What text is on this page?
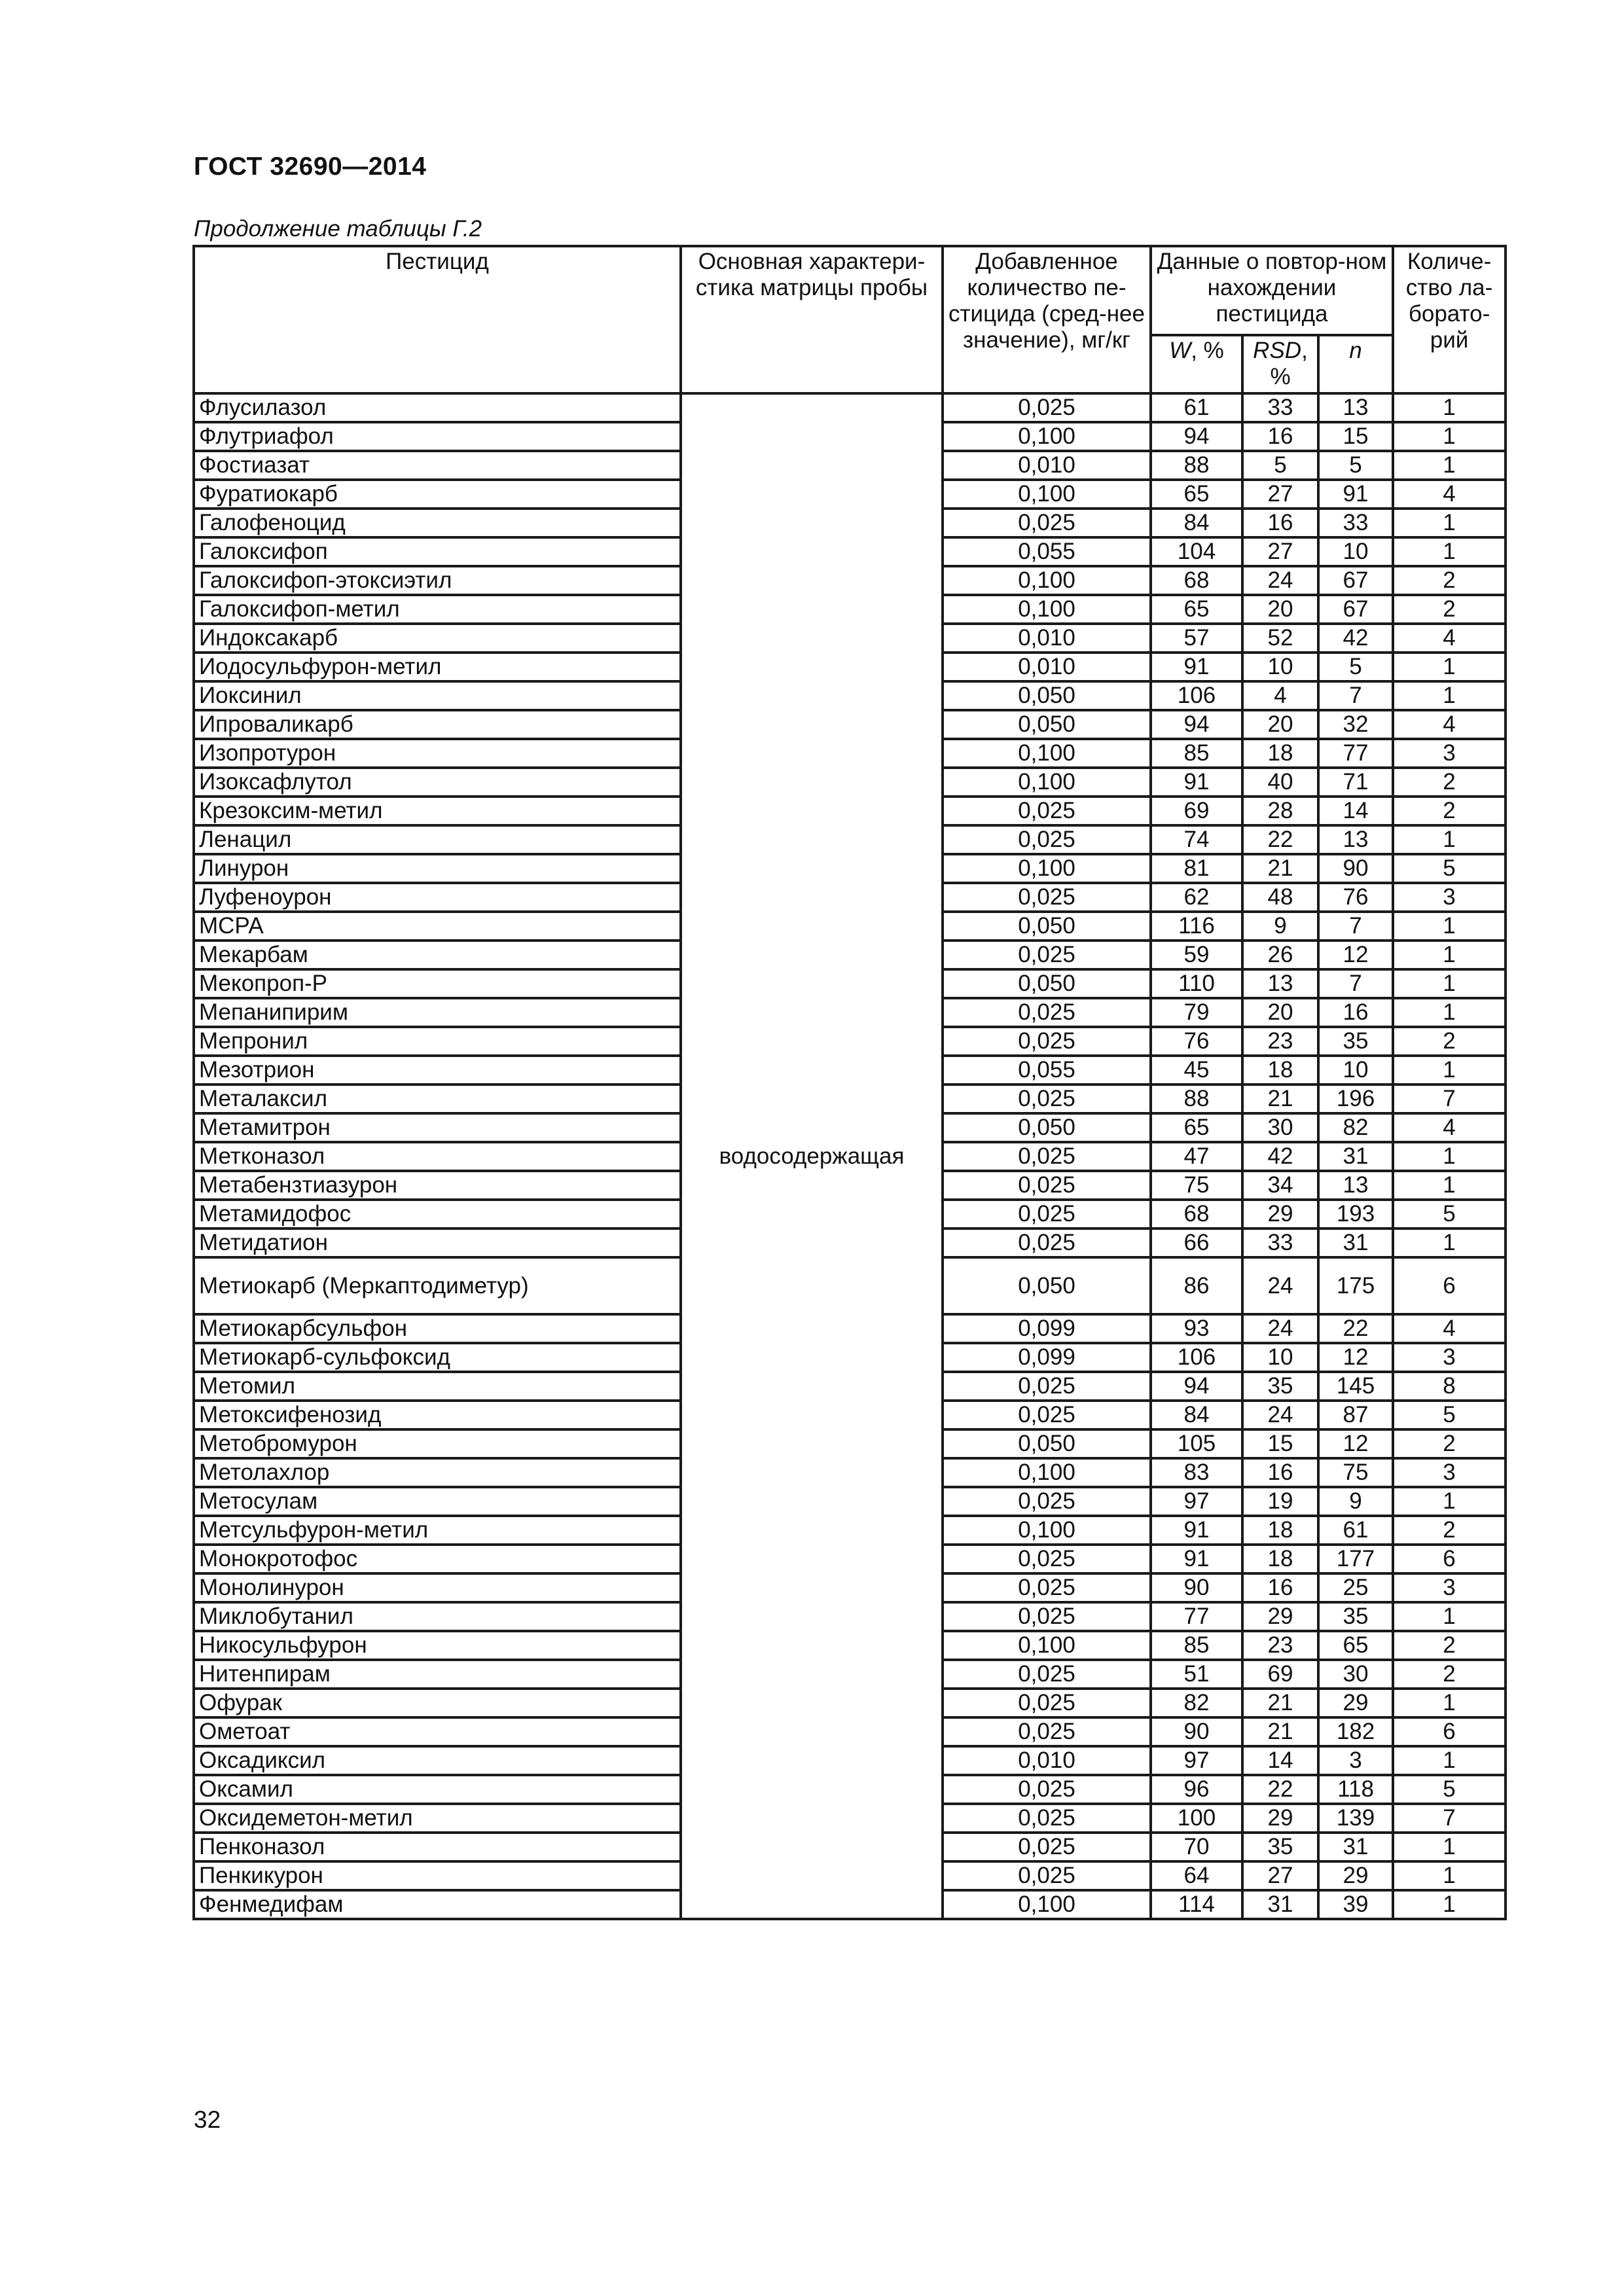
ГОСТ 32690—2014
Продолжение таблицы Г.2
Пестицид	Основная характери-стика матрицы пробы	Добавленное количество пе-стицида (сред-нее значение), мг/кг	Данные о повтор-ном нахождении пестицида			Количе-ство ла-борато-рий
			W, %	RSD, %	n	
Флусилазол	водосодержащая	0,025	61	33	13	1
Флутриафол		0,100	94	16	15	1
Фостиазат		0,010	88	5	5	1
Фуратиокарб		0,100	65	27	91	4
Галофеноцид		0,025	84	16	33	1
Галоксифоп		0,055	104	27	10	1
Галоксифоп-этоксиэтил		0,100	68	24	67	2
Галоксифоп-метил		0,100	65	20	67	2
Индоксакарб		0,010	57	52	42	4
Иодосульфурон-метил		0,010	91	10	5	1
Иоксинил		0,050	106	4	7	1
Ипроваликарб		0,050	94	20	32	4
Изопротурон		0,100	85	18	77	3
Изоксафлутол		0,100	91	40	71	2
Крезоксим-метил		0,025	69	28	14	2
Ленацил		0,025	74	22	13	1
Линурон		0,100	81	21	90	5
Луфеноурон		0,025	62	48	76	3
МСРА		0,050	116	9	7	1
Мекарбам		0,025	59	26	12	1
Мекопроп-Р		0,050	110	13	7	1
Мепанипирим		0,025	79	20	16	1
Мепронил		0,025	76	23	35	2
Мезотрион		0,055	45	18	10	1
Металаксил		0,025	88	21	196	7
Метамитрон		0,050	65	30	82	4
Метконазол		0,025	47	42	31	1
Метабензтиазурон		0,025	75	34	13	1
Метамидофос		0,025	68	29	193	5
Метидатион		0,025	66	33	31	1
Метиокарб (Меркаптодиметур)		0,050	86	24	175	6
Метиокарбсульфон		0,099	93	24	22	4
Метиокарб-сульфоксид		0,099	106	10	12	3
Метомил		0,025	94	35	145	8
Метоксифенозид		0,025	84	24	87	5
Метобромурон		0,050	105	15	12	2
Метолахлор		0,100	83	16	75	3
Метосулам		0,025	97	19	9	1
Метсульфурон-метил		0,100	91	18	61	2
Монокротофос		0,025	91	18	177	6
Монолинурон		0,025	90	16	25	3
Миклобутанил		0,025	77	29	35	1
Никосульфурон		0,100	85	23	65	2
Нитенпирам		0,025	51	69	30	2
Офурак		0,025	82	21	29	1
Ометоат		0,025	90	21	182	6
Оксадиксил		0,010	97	14	3	1
Оксамил		0,025	96	22	118	5
Оксидеметон-метил		0,025	100	29	139	7
Пенконазол		0,025	70	35	31	1
Пенкикурон		0,025	64	27	29	1
Фенмедифам		0,100	114	31	39	1
32
